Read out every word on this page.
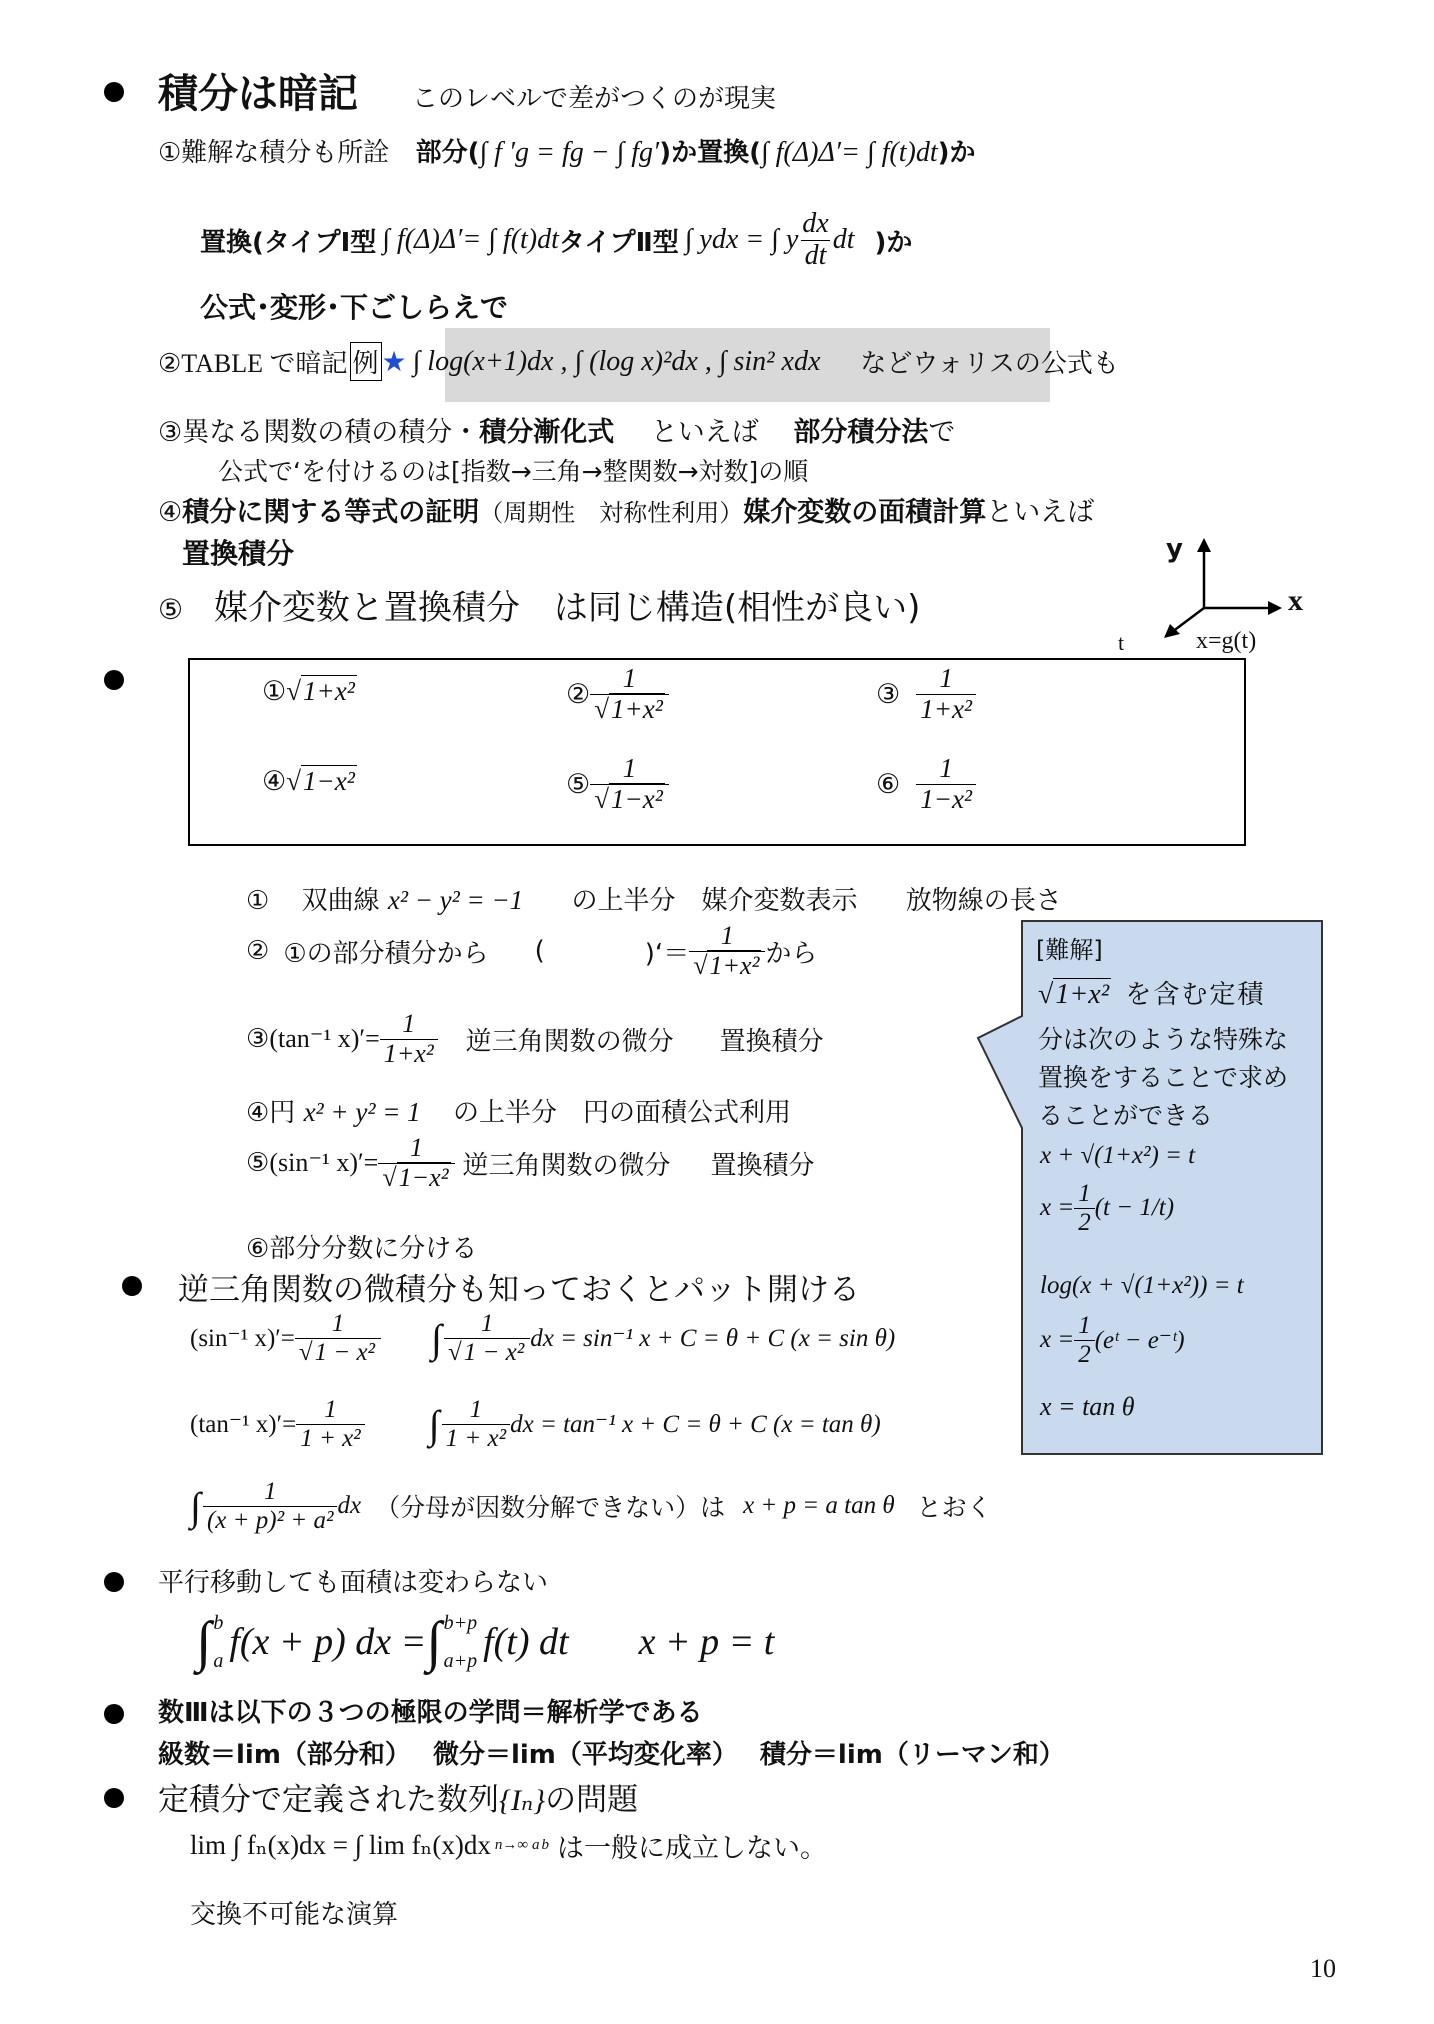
積分は暗記 このレベルで差がつくのが現実
①難解な積分も所詮 部分(∫ f ′g = fg − ∫ fg′)か置換(∫ f(Δ)Δ′= ∫ f(t)dt)か
置換(タイプⅠ型 ∫ f(Δ)Δ′= ∫ f(t)dt タイプⅡ型 ∫ ydx = ∫ y $\frac{dx}{dt}$ dt )か
公式･変形･下ごしらえで
②TABLE で暗記 例 ★ ∫ log(x+1)dx , ∫ (log x)²dx , ∫ sin² xdx などウォリスの公式も
③異なる関数の積の積分・積分漸化式 といえば 部分積分法で
公式で‘を付けるのは[指数→三角→整関数→対数]の順
④積分に関する等式の証明（周期性　対称性利用）媒介変数の面積計算といえば
置換積分
⑤ 媒介変数と置換積分　は同じ構造(相性が良い)
y
x
t	x=g(t)
①√1+x²	② $\frac{1}{\text{√1+x²}}$	③ $\frac{1}{\text{1+x²}}$
④√1−x²	⑤ $\frac{1}{\text{√1−x²}}$	⑥ $\frac{1}{\text{1−x²}}$
① 双曲線 x² − y² = −1 の上半分　媒介変数表示 放物線の長さ
② ①の部分積分から (	)‘＝ $\frac{1}{\text{√1+x²}}$ から
③ (tan⁻¹ $x)'= \frac{1}{\text{1+x²}}$ 逆三角関数の微分 置換積分
④円 x² + y² = 1 の上半分　円の面積公式利用
⑤ (sin⁻¹ $x)'= \frac{1}{\text{√1−x²}}$ 逆三角関数の微分 置換積分
⑥部分分数に分ける
[難解]
√1+x² を含む定積
分は次のような特殊な
置換をすることで求め
ることができる
x + √(1+x²) = t
$x = \frac{1}{2} (t - 1/t)$
log(x + √(1+x²)) = t
$x = \frac{1}{2}$ (eᵗ − e⁻ᵗ)
x = tan θ
逆三角関数の微積分も知っておくとパット開ける
(sin⁻¹ $x)'= \frac{1}{\text{√1 − x²}}$ ∫ $\frac{1}{\text{√1 − x²}}$ dx = sin⁻¹ x + C = θ + C (x = sin θ)
(tan⁻¹ $x)'= \frac{1}{\text{1 + x²}}$ ∫ $\frac{1}{\text{1 + x²}}$ dx = tan⁻¹ x + C = θ + C (x = tan θ)
∫ $\frac{1}{\text{(x + p)² + a²}}$ dx （分母が因数分解できない）は x + p = a tan θ とおく
平行移動しても面積は変わらない
∫ b
a f(x + p) dx = ∫ b+p
a+p f(t) dt x + p = t
数Ⅲは以下の３つの極限の学問＝解析学である
級数＝lim（部分和）　 微分＝lim（平均変化率）　 積分＝lim（リーマン和）
定積分で定義された数列{Iₙ}の問題
lim ∫ fₙ(x)dx = ∫ lim fₙ(x)dx n→∞ a b は一般に成立しない。
交換不可能な演算
10
